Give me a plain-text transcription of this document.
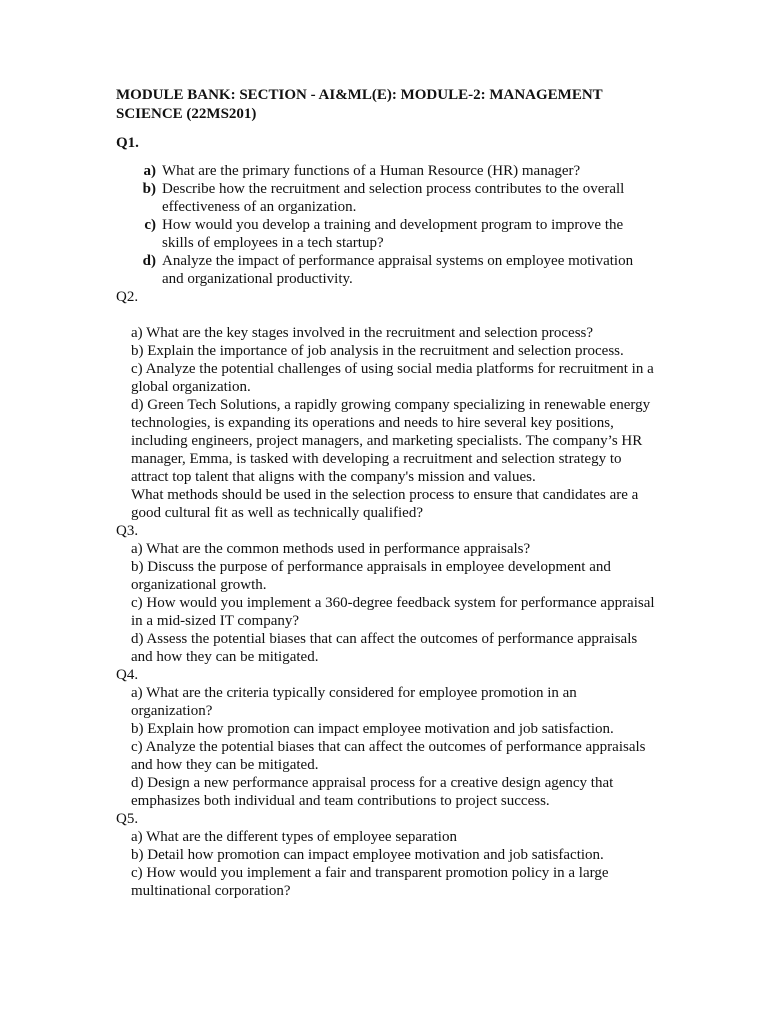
MODULE BANK: SECTION - AI&ML(E): MODULE-2: MANAGEMENT SCIENCE (22MS201)
Q1.
a) What are the primary functions of a Human Resource (HR) manager?
b) Describe how the recruitment and selection process contributes to the overall effectiveness of an organization.
c) How would you develop a training and development program to improve the skills of employees in a tech startup?
d) Analyze the impact of performance appraisal systems on employee motivation and organizational productivity.
Q2.
a) What are the key stages involved in the recruitment and selection process?
b) Explain the importance of job analysis in the recruitment and selection process.
c) Analyze the potential challenges of using social media platforms for recruitment in a global organization.
d) Green Tech Solutions, a rapidly growing company specializing in renewable energy technologies, is expanding its operations and needs to hire several key positions, including engineers, project managers, and marketing specialists. The company’s HR manager, Emma, is tasked with developing a recruitment and selection strategy to attract top talent that aligns with the company's mission and values.
What methods should be used in the selection process to ensure that candidates are a good cultural fit as well as technically qualified?
Q3.
a) What are the common methods used in performance appraisals?
b) Discuss the purpose of performance appraisals in employee development and organizational growth.
c) How would you implement a 360-degree feedback system for performance appraisal in a mid-sized IT company?
d) Assess the potential biases that can affect the outcomes of performance appraisals and how they can be mitigated.
Q4.
a) What are the criteria typically considered for employee promotion in an organization?
b) Explain how promotion can impact employee motivation and job satisfaction.
c) Analyze the potential biases that can affect the outcomes of performance appraisals and how they can be mitigated.
d) Design a new performance appraisal process for a creative design agency that emphasizes both individual and team contributions to project success.
Q5.
a) What are the different types of employee separation
b) Detail how promotion can impact employee motivation and job satisfaction.
c) How would you implement a fair and transparent promotion policy in a large multinational corporation?
